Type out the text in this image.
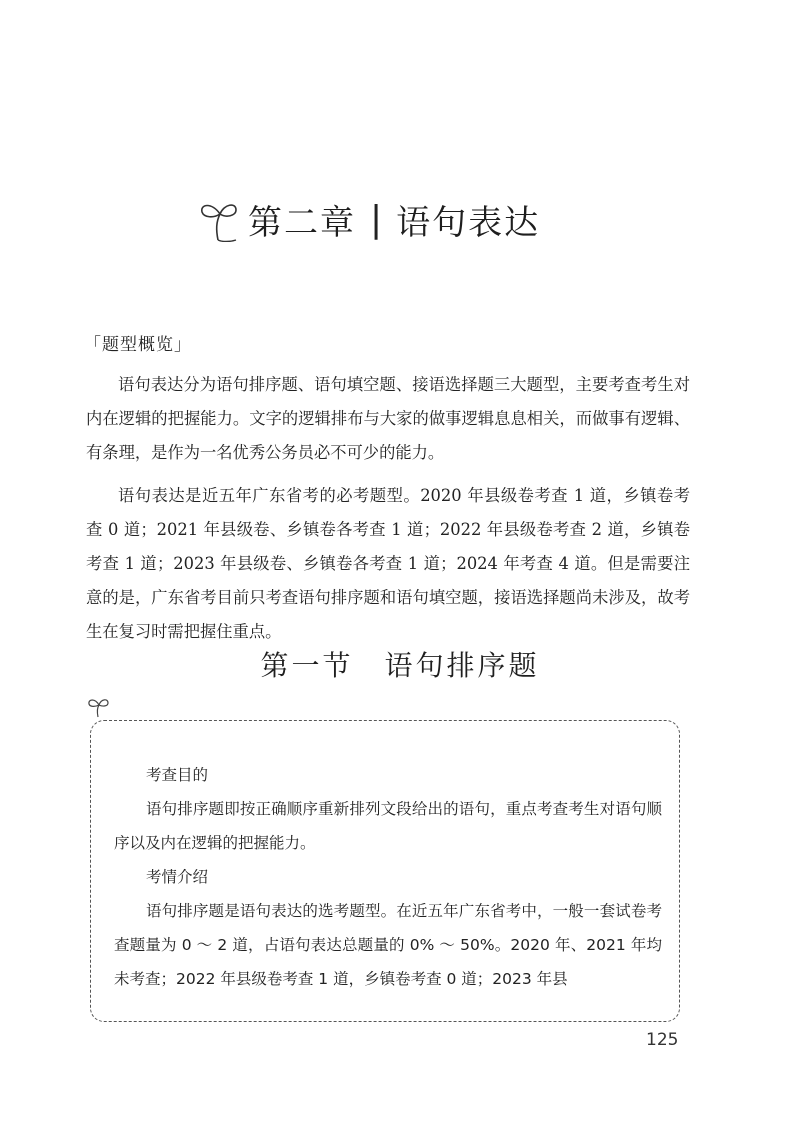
第二章 | 语句表达
「题型概览」

语句表达分为语句排序题、语句填空题、接语选择题三大题型，主要考查考生对内在逻辑的把握能力。文字的逻辑排布与大家的做事逻辑息息相关，而做事有逻辑、有条理，是作为一名优秀公务员必不可少的能力。

语句表达是近五年广东省考的必考题型。2020 年县级卷考查 1 道，乡镇卷考查 0 道；2021 年县级卷、乡镇卷各考查 1 道；2022 年县级卷考查 2 道，乡镇卷考查 1 道；2023 年县级卷、乡镇卷各考查 1 道；2024 年考查 4 道。但是需要注意的是，广东省考目前只考查语句排序题和语句填空题，接语选择题尚未涉及，故考生在复习时需把握住重点。

第一节　语句排序题

考查目的

语句排序题即按正确顺序重新排列文段给出的语句，重点考查考生对语句顺序以及内在逻辑的把握能力。

考情介绍

语句排序题是语句表达的选考题型。在近五年广东省考中，一般一套试卷考查题量为 0 ～ 2 道，占语句表达总题量的 0% ～ 50%。2020 年、2021 年均未考查；2022 年县级卷考查 1 道，乡镇卷考查 0 道；2023 年县

125
